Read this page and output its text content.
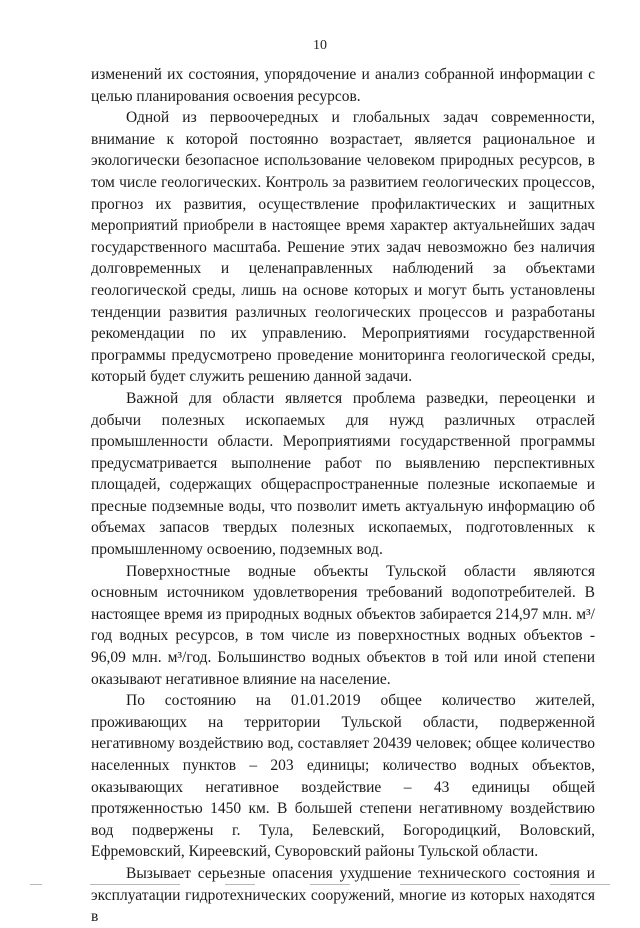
10

изменений их состояния, упорядочение и анализ собранной информации с целью планирования освоения ресурсов.

Одной из первоочередных и глобальных задач современности, внимание к которой постоянно возрастает, является рациональное и экологически безопасное использование человеком природных ресурсов, в том числе геологических. Контроль за развитием геологических процессов, прогноз их развития, осуществление профилактических и защитных мероприятий приобрели в настоящее время характер актуальнейших задач государственного масштаба. Решение этих задач невозможно без наличия долговременных и целенаправленных наблюдений за объектами геологической среды, лишь на основе которых и могут быть установлены тенденции развития различных геологических процессов и разработаны рекомендации по их управлению. Мероприятиями государственной программы предусмотрено проведение мониторинга геологической среды, который будет служить решению данной задачи.

Важной для области является проблема разведки, переоценки и добычи полезных ископаемых для нужд различных отраслей промышленности области. Мероприятиями государственной программы предусматривается выполнение работ по выявлению перспективных площадей, содержащих общераспространенные полезные ископаемые и пресные подземные воды, что позволит иметь актуальную информацию об объемах запасов твердых полезных ископаемых, подготовленных к промышленному освоению, подземных вод.

Поверхностные водные объекты Тульской области являются основным источником удовлетворения требований водопотребителей. В настоящее время из природных водных объектов забирается 214,97 млн. м³/год водных ресурсов, в том числе из поверхностных водных объектов - 96,09 млн. м³/год. Большинство водных объектов в той или иной степени оказывают негативное влияние на население.

По состоянию на 01.01.2019 общее количество жителей, проживающих на территории Тульской области, подверженной негативному воздействию вод, составляет 20439 человек; общее количество населенных пунктов – 203 единицы; количество водных объектов, оказывающих негативное воздействие – 43 единицы общей протяженностью 1450 км. В большей степени негативному воздействию вод подвержены г. Тула, Белевский, Богородицкий, Воловский, Ефремовский, Киреевский, Суворовский районы Тульской области.

Вызывает серьезные опасения ухудшение технического состояния и эксплуатации гидротехнических сооружений, многие из которых находятся в
